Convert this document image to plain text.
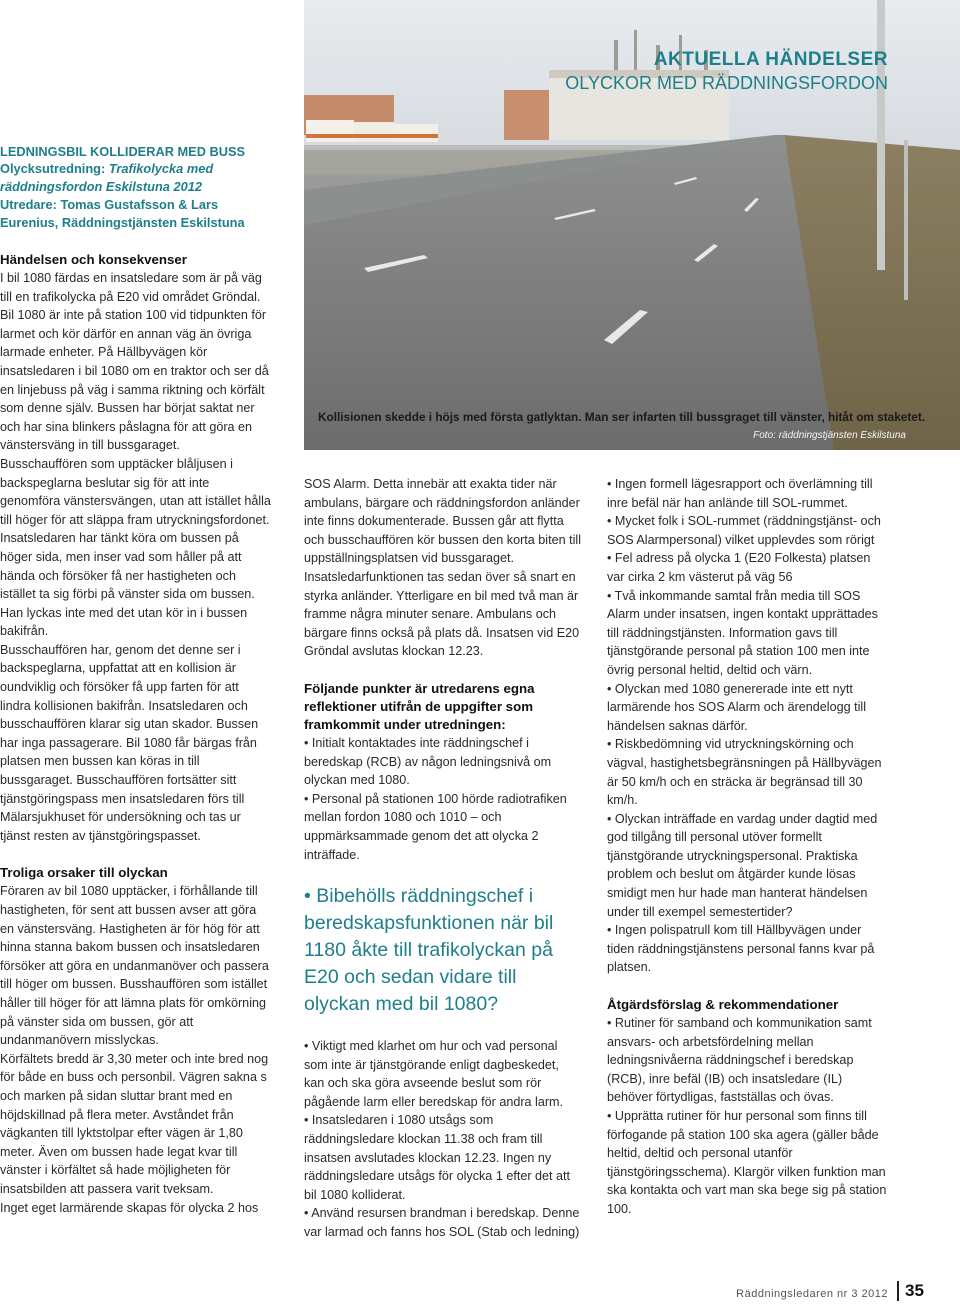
AKTUELLA HÄNDELSER
OLYCKOR MED RÄDDNINGSFORDON
Kollisionen skedde i höjs med första gatlyktan. Man ser infarten till bussgraget till vänster, hitåt om staketet.
Foto: räddningstjänsten Eskilstuna

LEDNINGSBIL KOLLIDERAR MED BUSS

Olycksutredning: Trafikolycka med räddningsfordon Eskilstuna 2012

Utredare: Tomas Gustafsson & Lars Eurenius, Räddningstjänsten Eskilstuna

Händelsen och konsekvenser

I bil 1080 färdas en insatsledare som är på väg till en trafikolycka på E20 vid området Gröndal. Bil 1080 är inte på station 100 vid tidpunkten för larmet och kör därför en annan väg än övriga larmade enheter. På Hällbyvägen kör insatsledaren i bil 1080 om en traktor och ser då en linjebuss på väg i samma riktning och körfält som denne själv. Bussen har börjat saktat ner och har sina blinkers påslagna för att göra en vänstersväng in till bussgaraget.

Busschauffören som upptäcker blåljusen i backspeglarna beslutar sig för att inte genomföra vänstersvängen, utan att istället hålla till höger för att släppa fram utryckningsfordonet. Insatsledaren har tänkt köra om bussen på höger sida, men inser vad som håller på att hända och försöker få ner hastigheten och istället ta sig förbi på vänster sida om bussen. Han lyckas inte med det utan kör in i bussen bakifrån.

Busschauffören har, genom det denne ser i backspeglarna, uppfattat att en kollision är oundviklig och försöker få upp farten för att lindra kollisionen bakifrån. Insatsledaren och busschauffören klarar sig utan skador. Bussen har inga passagerare. Bil 1080 får bärgas från platsen men bussen kan köras in till bussgaraget. Busschauffören fortsätter sitt tjänstgöringspass men insatsledaren förs till Mälarsjukhuset för undersökning och tas ur tjänst resten av tjänstgöringspasset.

Troliga orsaker till olyckan

Föraren av bil 1080 upptäcker, i förhållande till hastigheten, för sent att bussen avser att göra en vänstersväng. Hastigheten är för hög för att hinna stanna bakom bussen och insatsledaren försöker att göra en undanmanöver och passera till höger om bussen. Busshauffören som istället håller till höger för att lämna plats för omkörning på vänster sida om bussen, gör att undanmanövern misslyckas.

Körfältets bredd är 3,30 meter och inte bred nog för både en buss och personbil. Vägren sakna s och marken på sidan sluttar brant med en höjdskillnad på flera meter. Avståndet från vägkanten till lyktstolpar efter vägen är 1,80 meter. Även om bussen hade legat kvar till vänster i körfältet så hade möjligheten för insatsbilden att passera varit tveksam.

Inget eget larmärende skapas för olycka 2 hos

SOS Alarm. Detta innebär att exakta tider när ambulans, bärgare och räddningsfordon anländer inte finns dokumenterade. Bussen går att flytta och busschauffören kör bussen den korta biten till uppställningsplatsen vid bussgaraget. Insatsledarfunktionen tas sedan över så snart en styrka anländer. Ytterligare en bil med två man är framme några minuter senare. Ambulans och bärgare finns också på plats då. Insatsen vid E20 Gröndal avslutas klockan 12.23.

Följande punkter är utredarens egna reflektioner utifrån de uppgifter som framkommit under utredningen:

• Initialt kontaktades inte räddningschef i beredskap (RCB) av någon ledningsnivå om olyckan med 1080.

• Personal på stationen 100 hörde radiotrafiken mellan fordon 1080 och 1010 – och uppmärksammade genom det att olycka 2 inträffade.

• Bibehölls räddningschef i beredskapsfunktionen när bil 1180 åkte till trafikolyckan på E20 och sedan vidare till olyckan med bil 1080?

• Viktigt med klarhet om hur och vad personal som inte är tjänstgörande enligt dagbeskedet, kan och ska göra avseende beslut som rör pågående larm eller beredskap för andra larm.

• Insatsledaren i 1080 utsågs som räddningsledare klockan 11.38 och fram till insatsen avslutades klockan 12.23. Ingen ny räddningsledare utsågs för olycka 1 efter det att bil 1080 kolliderat.

• Använd resursen brandman i beredskap. Denne var larmad och fanns hos SOL (Stab och ledning)

• Ingen formell lägesrapport och överlämning till inre befäl när han anlände till SOL-rummet.

• Mycket folk i SOL-rummet (räddningstjänst- och SOS Alarmpersonal) vilket upplevdes som rörigt

• Fel adress på olycka 1 (E20 Folkesta) platsen var cirka 2 km västerut på väg 56

• Två inkommande samtal från media till SOS Alarm under insatsen, ingen kontakt upprättades till räddningstjänsten. Information gavs till tjänstgörande personal på station 100 men inte övrig personal heltid, deltid och värn.

• Olyckan med 1080 genererade inte ett nytt larmärende hos SOS Alarm och ärendelogg till händelsen saknas därför.

• Riskbedömning vid utryckningskörning och vägval, hastighetsbegränsningen på Hällbyvägen är 50 km/h och en sträcka är begränsad till 30 km/h.

• Olyckan inträffade en vardag under dagtid med god tillgång till personal utöver formellt tjänstgörande utryckningspersonal. Praktiska problem och beslut om åtgärder kunde lösas smidigt men hur hade man hanterat händelsen under till exempel semestertider?

• Ingen polispatrull kom till Hällbyvägen under tiden räddningstjänstens personal fanns kvar på platsen.

Åtgärdsförslag & rekommendationer

• Rutiner för samband och kommunikation samt ansvars- och arbetsfördelning mellan ledningsnivåerna räddningschef i beredskap (RCB), inre befäl (IB) och insatsledare (IL) behöver förtydligas, fastställas och övas.

• Upprätta rutiner för hur personal som finns till förfogande på station 100 ska agera (gäller både heltid, deltid och personal utanför tjänstgöringsschema). Klargör vilken funktion man ska kontakta och vart man ska bege sig på station 100.

Räddningsledaren nr 3 2012	35
